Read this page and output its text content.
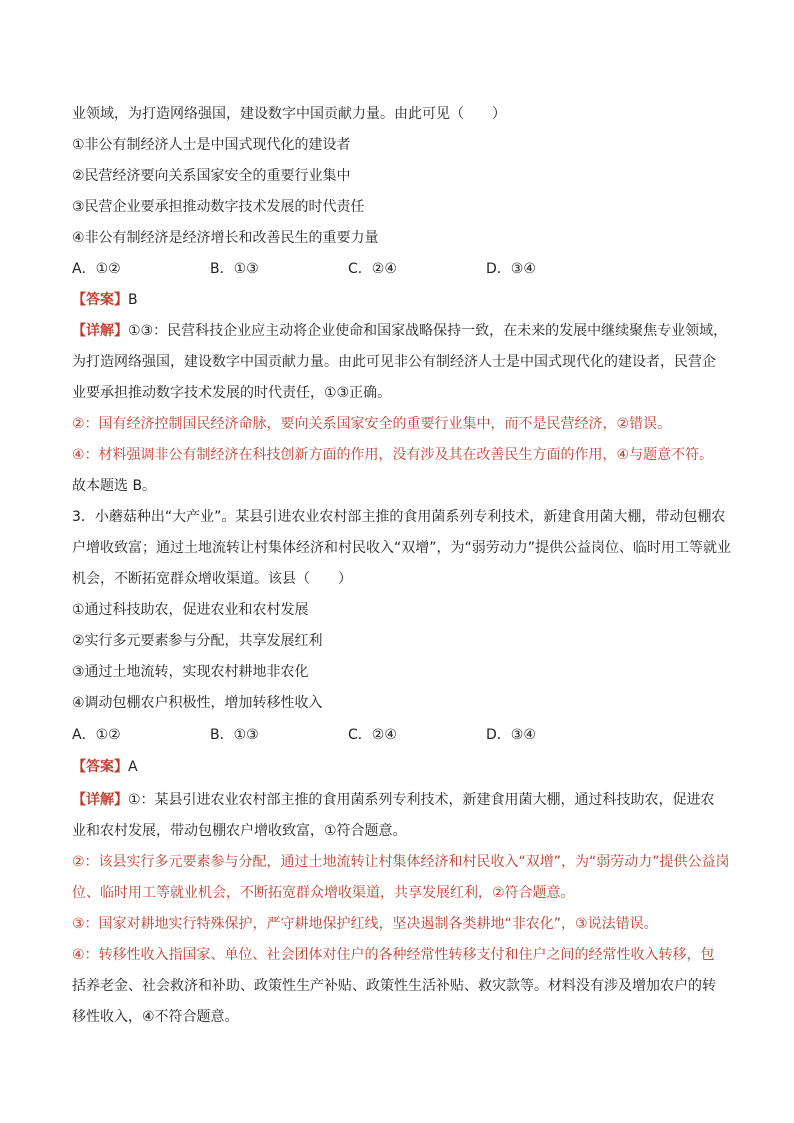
业领域，为打造网络强国，建设数字中国贡献力量。由此可见（　　）
①非公有制经济人士是中国式现代化的建设者
②民营经济要向关系国家安全的重要行业集中
③民营企业要承担推动数字技术发展的时代责任
④非公有制经济是经济增长和改善民生的重要力量
A．①②	B．①③	C．②④	D．③④
【答案】B
【详解】①③：民营科技企业应主动将企业使命和国家战略保持一致，在未来的发展中继续聚焦专业领域，
为打造网络强国，建设数字中国贡献力量。由此可见非公有制经济人士是中国式现代化的建设者，民营企
业要承担推动数字技术发展的时代责任，①③正确。
②：国有经济控制国民经济命脉，要向关系国家安全的重要行业集中，而不是民营经济，②错误。
④：材料强调非公有制经济在科技创新方面的作用，没有涉及其在改善民生方面的作用，④与题意不符。
故本题选 B。
3．小蘑菇种出“大产业”。某县引进农业农村部主推的食用菌系列专利技术，新建食用菌大棚，带动包棚农
户增收致富；通过土地流转让村集体经济和村民收入“双增”，为“弱劳动力”提供公益岗位、临时用工等就业
机会，不断拓宽群众增收渠道。该县（　　）
①通过科技助农，促进农业和农村发展
②实行多元要素参与分配，共享发展红利
③通过土地流转，实现农村耕地非农化
④调动包棚农户积极性，增加转移性收入
A．①②	B．①③	C．②④	D．③④
【答案】A
【详解】①：某县引进农业农村部主推的食用菌系列专利技术，新建食用菌大棚，通过科技助农，促进农
业和农村发展，带动包棚农户增收致富，①符合题意。
②：该县实行多元要素参与分配，通过土地流转让村集体经济和村民收入“双增”，为“弱劳动力”提供公益岗
位、临时用工等就业机会，不断拓宽群众增收渠道，共享发展红利，②符合题意。
③：国家对耕地实行特殊保护，严守耕地保护红线，坚决遏制各类耕地“非农化”，③说法错误。
④：转移性收入指国家、单位、社会团体对住户的各种经常性转移支付和住户之间的经常性收入转移，包
括养老金、社会救济和补助、政策性生产补贴、政策性生活补贴、救灾款等。材料没有涉及增加农户的转
移性收入，④不符合题意。
